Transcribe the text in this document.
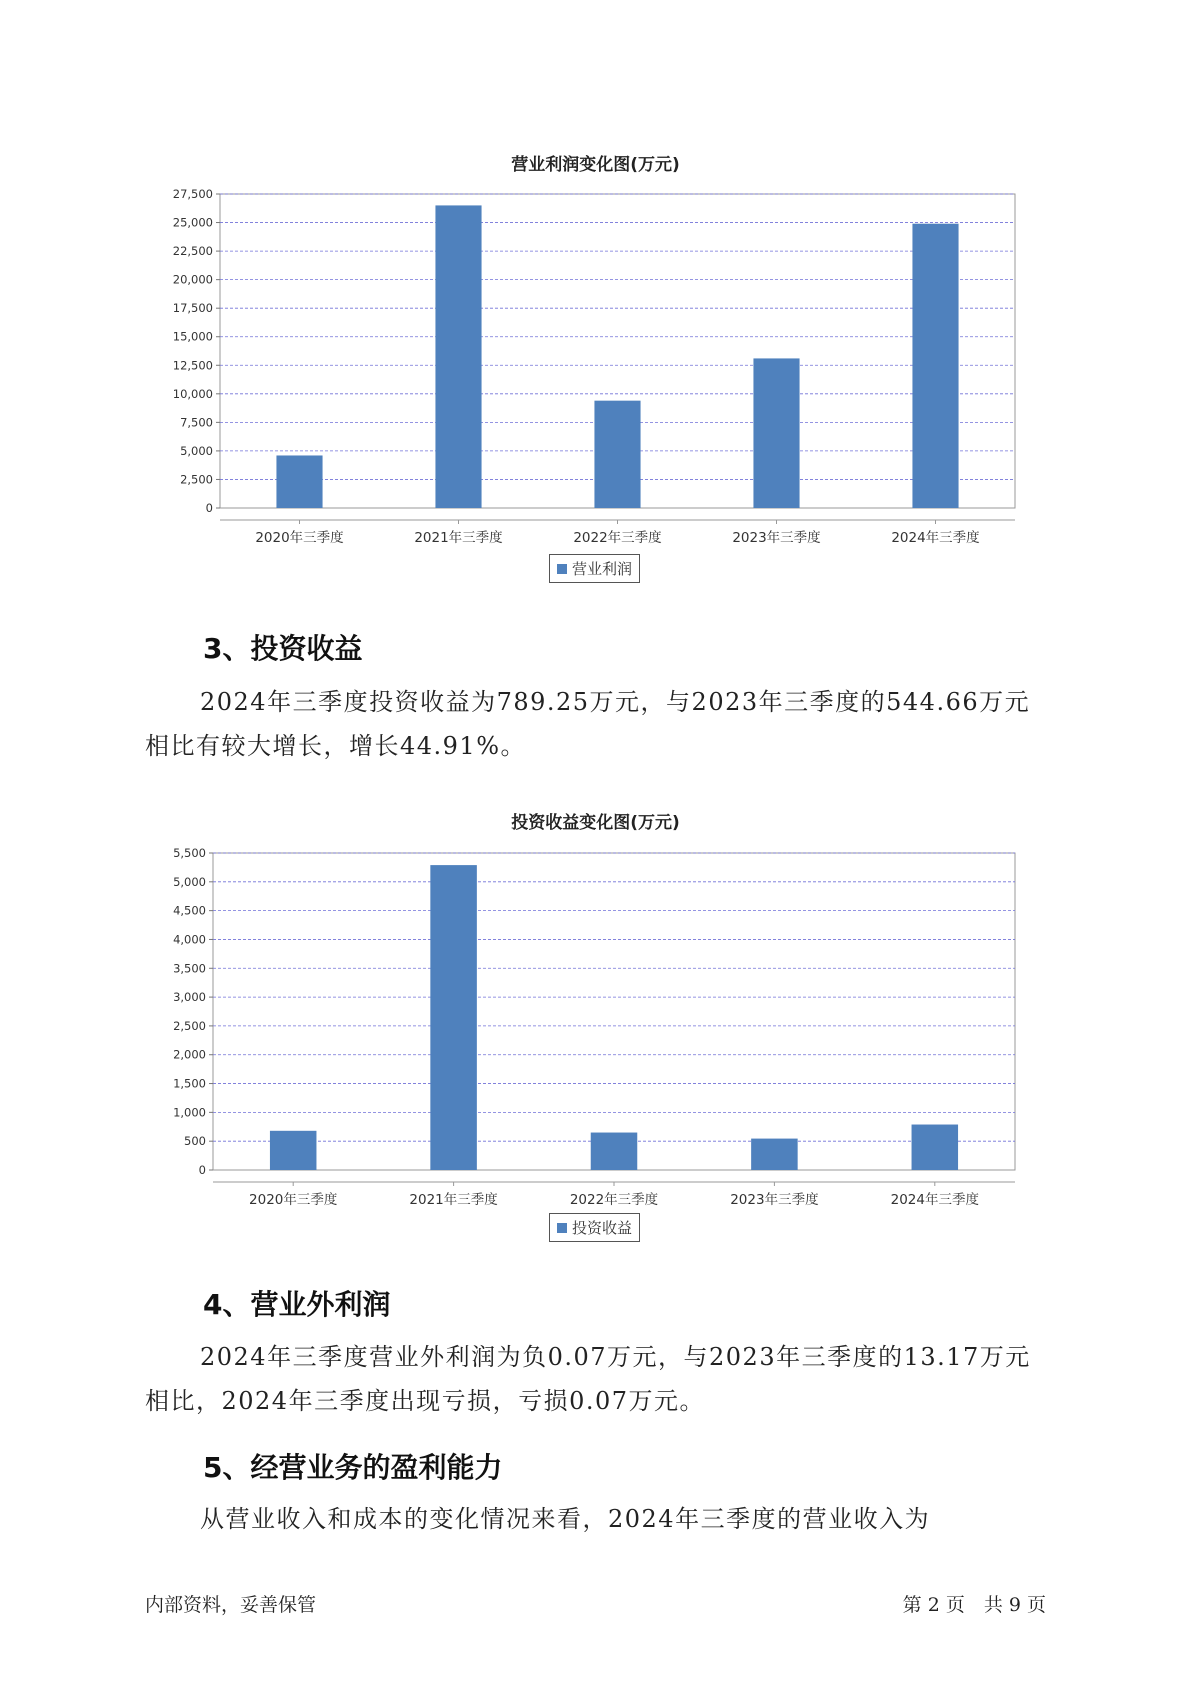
营业利润变化图(万元)
0
2,500
5,000
7,500
10,000
12,500
15,000
17,500
20,000
22,500
25,000
27,500
2020年三季度	2021年三季度	2022年三季度	2023年三季度	2024年三季度
营业利润
3、投资收益
2024年三季度投资收益为789.25万元，与2023年三季度的544.66万元
相比有较大增长，增长44.91%。
投资收益变化图(万元)
0
500
1,000
1,500
2,000
2,500
3,000
3,500
4,000
4,500
5,000
5,500
2020年三季度	2021年三季度	2022年三季度	2023年三季度	2024年三季度
投资收益
4、营业外利润
2024年三季度营业外利润为负0.07万元，与2023年三季度的13.17万元
相比，2024年三季度出现亏损，亏损0.07万元。
5、经营业务的盈利能力
从营业收入和成本的变化情况来看，2024年三季度的营业收入为
内部资料，妥善保管	第 2 页　共 9 页
